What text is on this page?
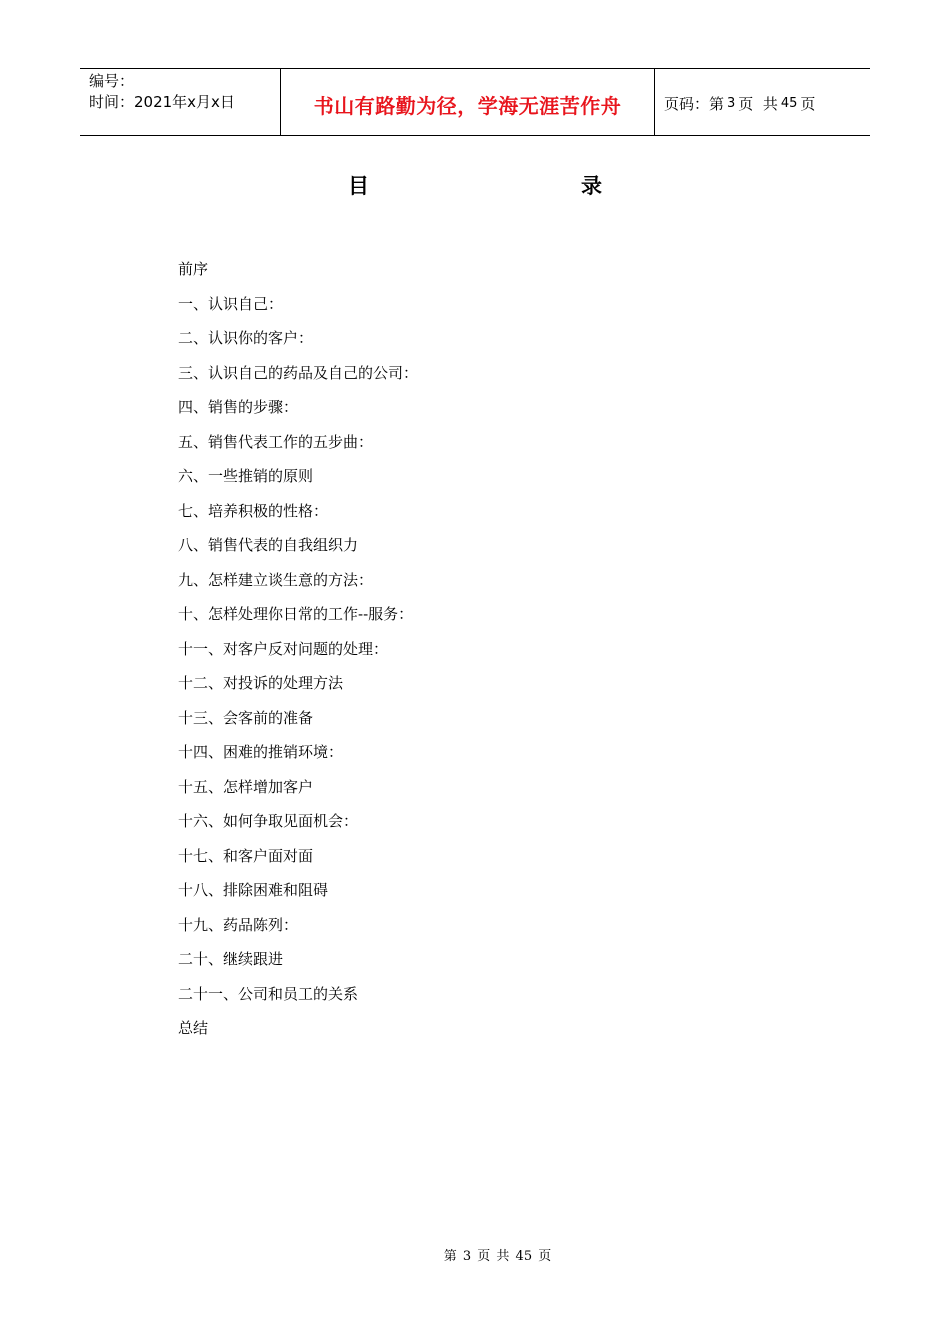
编号：
时间：2021年x月x日	书山有路勤为径，学海无涯苦作舟	页码：第 3 页  共 45 页
目	录
前序
一、认识自己：
二、认识你的客户：
三、认识自己的药品及自己的公司：
四、销售的步骤：
五、销售代表工作的五步曲：
六、一些推销的原则
七、培养积极的性格：
八、销售代表的自我组织力
九、怎样建立谈生意的方法：
十、怎样处理你日常的工作--服务：
十一、对客户反对问题的处理：
十二、对投诉的处理方法
十三、会客前的准备
十四、困难的推销环境：
十五、怎样增加客户
十六、如何争取见面机会：
十七、和客户面对面
十八、排除困难和阻碍
十九、药品陈列：
二十、继续跟进
二十一、公司和员工的关系
总结
第 3 页 共 45 页
